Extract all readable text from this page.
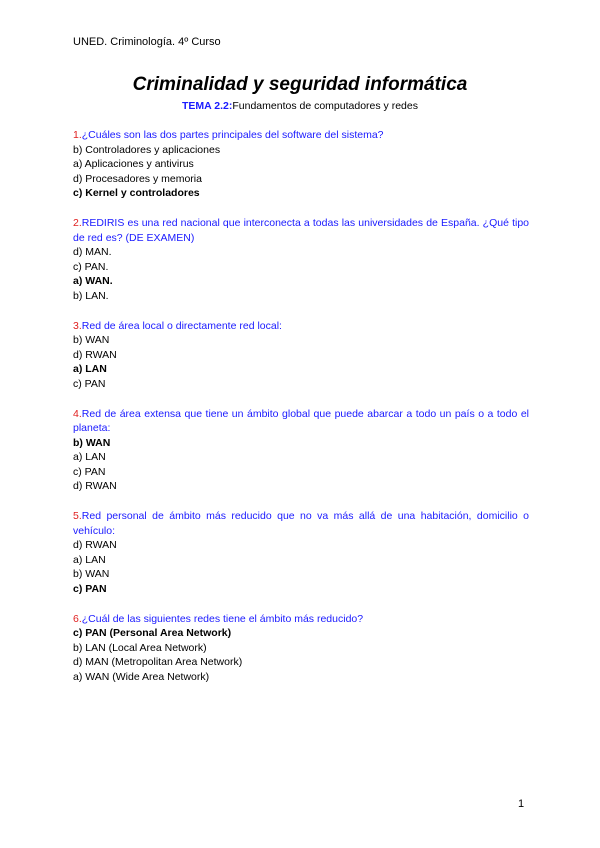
UNED. Criminología. 4º Curso
Criminalidad y seguridad informática
TEMA 2.2:Fundamentos de computadores y redes
1.¿Cuáles son las dos partes principales del software del sistema?
b) Controladores y aplicaciones
a) Aplicaciones y antivirus
d) Procesadores y memoria
c) Kernel y controladores
2.REDIRIS es una red nacional que interconecta a todas las universidades de España. ¿Qué tipo de red es? (DE EXAMEN)
d) MAN.
c) PAN.
a) WAN.
b) LAN.
3.Red de área local o directamente red local:
b) WAN
d) RWAN
a) LAN
c) PAN
4.Red de área extensa que tiene un ámbito global que puede abarcar a todo un país o a todo el planeta:
b) WAN
a) LAN
c) PAN
d) RWAN
5.Red personal de ámbito más reducido que no va más allá de una habitación, domicilio o vehículo:
d) RWAN
a) LAN
b) WAN
c) PAN
6.¿Cuál de las siguientes redes tiene el ámbito más reducido?
c) PAN (Personal Area Network)
b) LAN (Local Area Network)
d) MAN (Metropolitan Area Network)
a) WAN (Wide Area Network)
1
